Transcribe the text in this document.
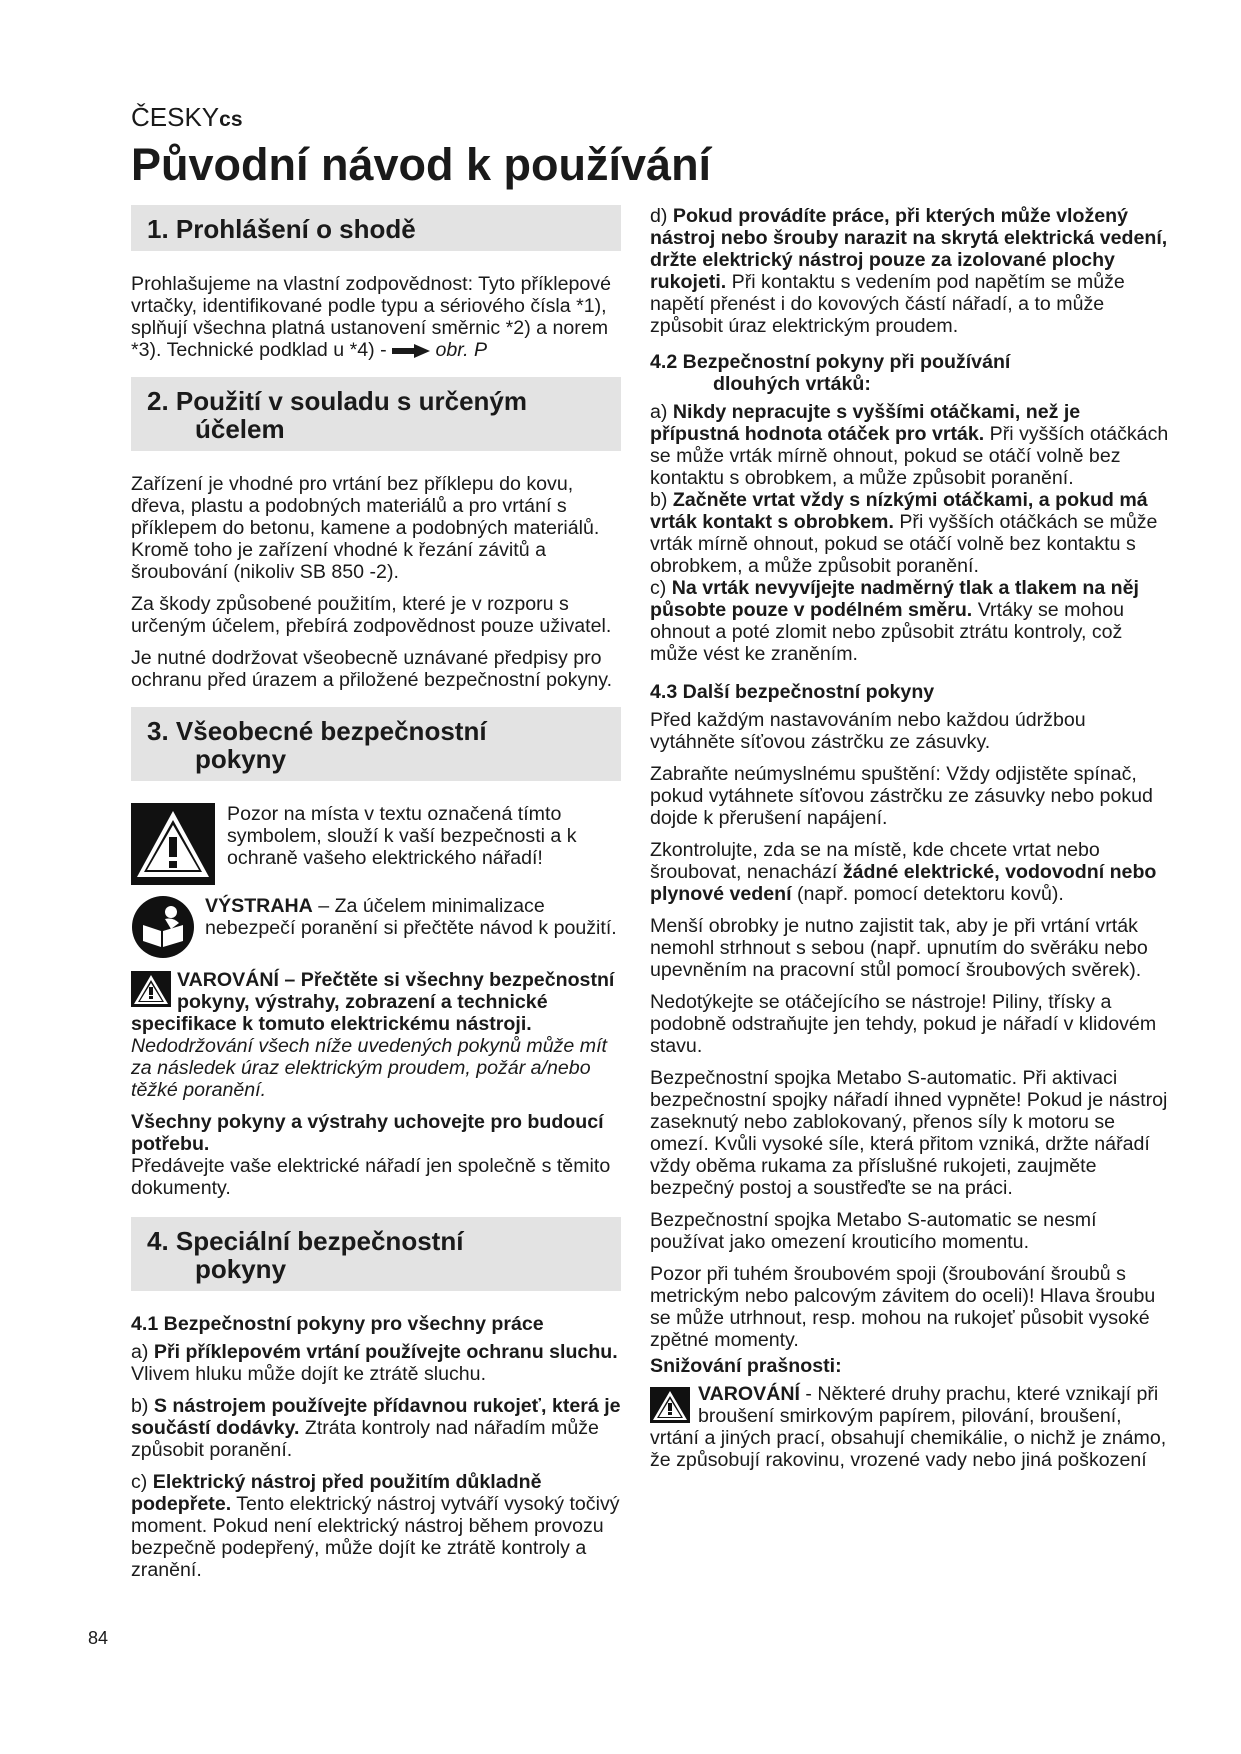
ČESKYcs
Původní návod k používání
1. Prohlášení o shodě

Prohlašujeme na vlastní zodpovědnost: Tyto příklepové vrtačky, identifikované podle typu a sériového čísla *1), splňují všechna platná ustanovení směrnic *2) a norem *3). Technické podklad u *4) - obr. P

2. Použití v souladu s určeným
účelem

Zařízení je vhodné pro vrtání bez příklepu do kovu, dřeva, plastu a podobných materiálů a pro vrtání s příklepem do betonu, kamene a podobných materiálů. Kromě toho je zařízení vhodné k řezání závitů a šroubování (nikoliv SB 850 -2).

Za škody způsobené použitím, které je v rozporu s určeným účelem, přebírá zodpovědnost pouze uživatel.

Je nutné dodržovat všeobecně uznávané předpisy pro ochranu před úrazem a přiložené bezpečnostní pokyny.

3. Všeobecné bezpečnostní
pokyny
Pozor na místa v textu označená tímto symbolem, slouží k vaší bezpečnosti a k ochraně vašeho elektrického nářadí!
VÝSTRAHA – Za účelem minimalizace nebezpečí poranění si přečtěte návod k použití.

VAROVÁNÍ – Přečtěte si všechny bezpečnostní pokyny, výstrahy, zobrazení a technické specifikace k tomuto elektrickému nástroji. Nedodržování všech níže uvedených pokynů může mít za následek úraz elektrickým proudem, požár a/nebo těžké poranění.

Všechny pokyny a výstrahy uchovejte pro budoucí potřebu.

Předávejte vaše elektrické nářadí jen společně s těmito dokumenty.

4. Speciální bezpečnostní
pokyny
4.1 Bezpečnostní pokyny pro všechny práce

a) Při příklepovém vrtání používejte ochranu sluchu. Vlivem hluku může dojít ke ztrátě sluchu.

b) S nástrojem používejte přídavnou rukojeť, která je součástí dodávky. Ztráta kontroly nad nářadím může způsobit poranění.

c) Elektrický nástroj před použitím důkladně podepřete. Tento elektrický nástroj vytváří vysoký točivý moment. Pokud není elektrický nástroj během provozu bezpečně podepřený, může dojít ke ztrátě kontroly a zranění.

d) Pokud provádíte práce, při kterých může vložený nástroj nebo šrouby narazit na skrytá elektrická vedení, držte elektrický nástroj pouze za izolované plochy rukojeti. Při kontaktu s vedením pod napětím se může napětí přenést i do kovových částí nářadí, a to může způsobit úraz elektrickým proudem.

4.2 Bezpečnostní pokyny při používání
dlouhých vrtáků:

a) Nikdy nepracujte s vyššími otáčkami, než je přípustná hodnota otáček pro vrták. Při vyšších otáčkách se může vrták mírně ohnout, pokud se otáčí volně bez kontaktu s obrobkem, a může způsobit poranění.

b) Začněte vrtat vždy s nízkými otáčkami, a pokud má vrták kontakt s obrobkem. Při vyšších otáčkách se může vrták mírně ohnout, pokud se otáčí volně bez kontaktu s obrobkem, a může způsobit poranění.

c) Na vrták nevyvíjejte nadměrný tlak a tlakem na něj působte pouze v podélném směru. Vrtáky se mohou ohnout a poté zlomit nebo způsobit ztrátu kontroly, což může vést ke zraněním.

4.3 Další bezpečnostní pokyny

Před každým nastavováním nebo každou údržbou vytáhněte síťovou zástrčku ze zásuvky.

Zabraňte neúmyslnému spuštění: Vždy odjistěte spínač, pokud vytáhnete síťovou zástrčku ze zásuvky nebo pokud dojde k přerušení napájení.

Zkontrolujte, zda se na místě, kde chcete vrtat nebo šroubovat, nenachází žádné elektrické, vodovodní nebo plynové vedení (např. pomocí detektoru kovů).

Menší obrobky je nutno zajistit tak, aby je při vrtání vrták nemohl strhnout s sebou (např. upnutím do svěráku nebo upevněním na pracovní stůl pomocí šroubových svěrek).

Nedotýkejte se otáčejícího se nástroje! Piliny, třísky a podobně odstraňujte jen tehdy, pokud je nářadí v klidovém stavu.

Bezpečnostní spojka Metabo S-automatic. Při aktivaci bezpečnostní spojky nářadí ihned vypněte! Pokud je nástroj zaseknutý nebo zablokovaný, přenos síly k motoru se omezí. Kvůli vysoké síle, která přitom vzniká, držte nářadí vždy oběma rukama za příslušné rukojeti, zaujměte bezpečný postoj a soustřeďte se na práci.

Bezpečnostní spojka Metabo S-automatic se nesmí používat jako omezení krouticího momentu.

Pozor při tuhém šroubovém spoji (šroubování šroubů s metrickým nebo palcovým závitem do oceli)! Hlava šroubu se může utrhnout, resp. mohou na rukojeť působit vysoké zpětné momenty.

Snižování prašnosti:

VAROVÁNÍ - Některé druhy prachu, které vznikají při broušení smirkovým papírem, pilování, broušení, vrtání a jiných prací, obsahují chemikálie, o nichž je známo, že způsobují rakovinu, vrozené vady nebo jiná poškození

84
